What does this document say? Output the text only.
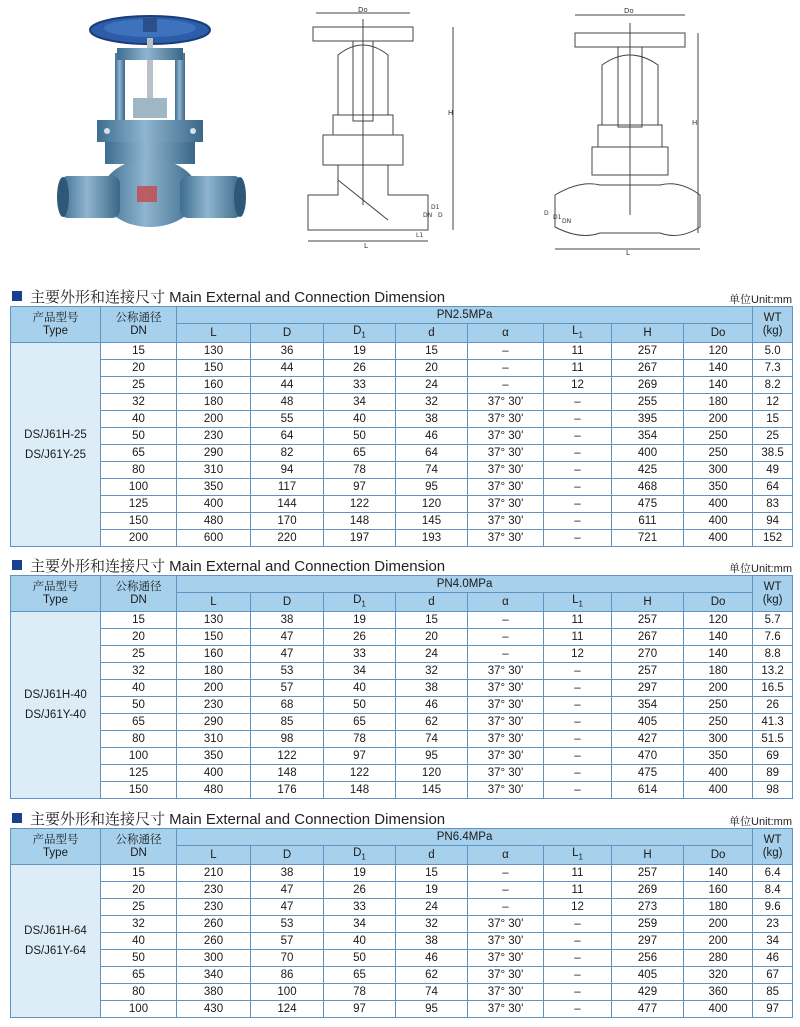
Do
L
H
D
DN
L1
D1
Do
L
H
D
D1
DN
主要外形和连接尺寸 Main External and Connection Dimension	单位Unit:mm
产品型号
Type	公称通径
DN	PN2.5MPa								WT
(kg)
		L	D	$D_1$	d	α	$L_1$	H	Do	

DS/J61H-25
DS/J61Y-25	15	130	36	19	15	–	11	257	120	5.0
	20	150	44	26	20	–	11	267	140	7.3
	25	160	44	33	24	–	12	269	140	8.2
	32	180	48	34	32	37° 30'	–	255	180	12
	40	200	55	40	38	37° 30'	–	395	200	15
	50	230	64	50	46	37° 30'	–	354	250	25
	65	290	82	65	64	37° 30'	–	400	250	38.5
	80	310	94	78	74	37° 30'	–	425	300	49
	100	350	117	97	95	37° 30'	–	468	350	64
	125	400	144	122	120	37° 30'	–	475	400	83
	150	480	170	148	145	37° 30'	–	611	400	94
	200	600	220	197	193	37° 30'	–	721	400	152
主要外形和连接尺寸 Main External and Connection Dimension	单位Unit:mm
产品型号
Type	公称通径
DN	PN4.0MPa								WT
(kg)
		L	D	$D_1$	d	α	$L_1$	H	Do	

DS/J61H-40
DS/J61Y-40	15	130	38	19	15	–	11	257	120	5.7
	20	150	47	26	20	–	11	267	140	7.6
	25	160	47	33	24	–	12	270	140	8.8
	32	180	53	34	32	37° 30'	–	257	180	13.2
	40	200	57	40	38	37° 30'	–	297	200	16.5
	50	230	68	50	46	37° 30'	–	354	250	26
	65	290	85	65	62	37° 30'	–	405	250	41.3
	80	310	98	78	74	37° 30'	–	427	300	51.5
	100	350	122	97	95	37° 30'	–	470	350	69
	125	400	148	122	120	37° 30'	–	475	400	89
	150	480	176	148	145	37° 30'	–	614	400	98
主要外形和连接尺寸 Main External and Connection Dimension	单位Unit:mm
产品型号
Type	公称通径
DN	PN6.4MPa								WT
(kg)
		L	D	$D_1$	d	α	$L_1$	H	Do	

DS/J61H-64
DS/J61Y-64	15	210	38	19	15	–	11	257	140	6.4
	20	230	47	26	19	–	11	269	160	8.4
	25	230	47	33	24	–	12	273	180	9.6
	32	260	53	34	32	37° 30'	–	259	200	23
	40	260	57	40	38	37° 30'	–	297	200	34
	50	300	70	50	46	37° 30'	–	256	280	46
	65	340	86	65	62	37° 30'	–	405	320	67
	80	380	100	78	74	37° 30'	–	429	360	85
	100	430	124	97	95	37° 30'	–	477	400	97
